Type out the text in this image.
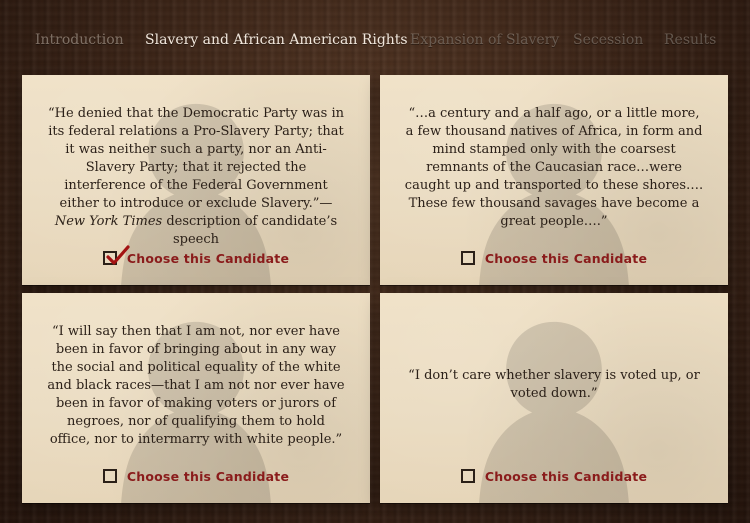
Introduction Slavery and African American Rights Expansion of Slavery Secession Results
“He denied that the Democratic Party was in its federal relations a Pro-Slavery Party; that it was neither such a party, nor an Anti-Slavery Party; that it rejected the interference of the Federal Government either to introduce or exclude Slavery.”—New York Times description of candidate’s speech
Choose this Candidate
“…a century and a half ago, or a little more, a few thousand natives of Africa, in form and mind stamped only with the coarsest remnants of the Caucasian race…were caught up and transported to these shores…. These few thousand savages have become a great people….”
Choose this Candidate
“I will say then that I am not, nor ever have been in favor of bringing about in any way the social and political equality of the white and black races—that I am not nor ever have been in favor of making voters or jurors of negroes, nor of qualifying them to hold office, nor to intermarry with white people.”
Choose this Candidate
“I don’t care whether slavery is voted up, or voted down.”
Choose this Candidate
